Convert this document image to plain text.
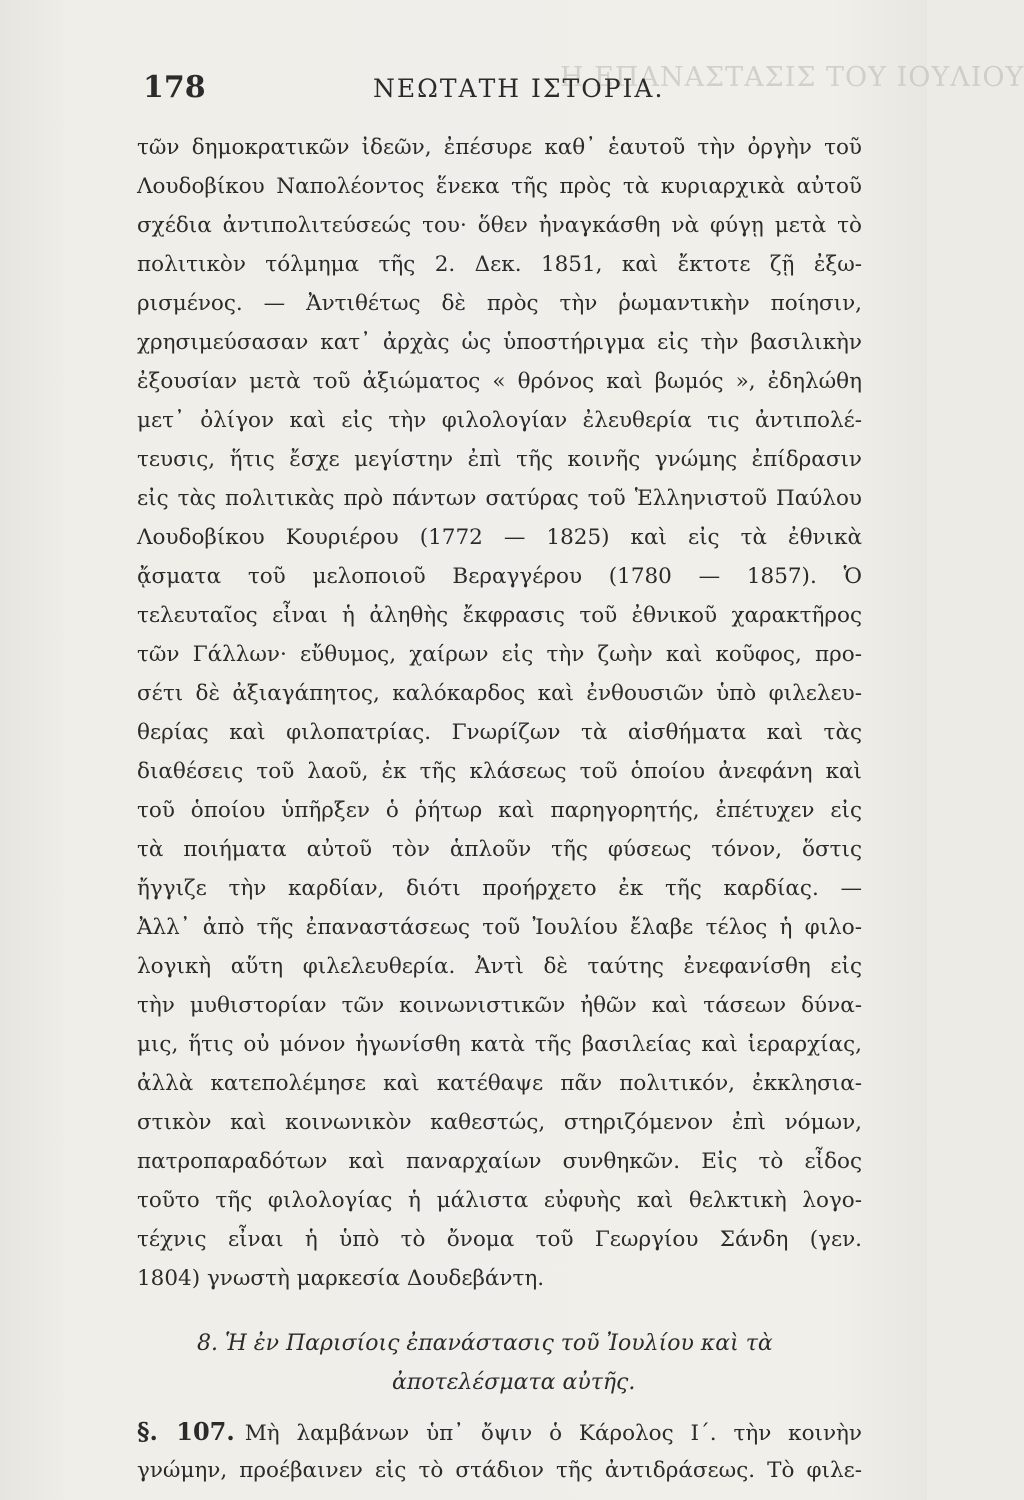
Η ΕΠΑΝΑΣΤΑΣΙΣ ΤΟΥ ΙΟΥΛΙΟΥ
178	ΝΕΩΤΑΤΗ ΙΣΤΟΡΙΑ.
τῶν δημοκρατικῶν ἰδεῶν, ἐπέσυρε καθ᾽ ἑαυτοῦ τὴν ὀργὴν τοῦ
Λουδοβίκου Ναπολέοντος ἕνεκα τῆς πρὸς τὰ κυριαρχικὰ αὐτοῦ
σχέδια ἀντιπολιτεύσεώς του· ὅθεν ἠναγκάσθη νὰ φύγῃ μετὰ τὸ
πολιτικὸν τόλμημα τῆς 2. Δεκ. 1851, καὶ ἔκτοτε ζῇ ἐξω-
ρισμένος. — Ἀντιθέτως δὲ πρὸς τὴν ῥωμαντικὴν ποίησιν,
χρησιμεύσασαν κατ᾽ ἀρχὰς ὡς ὑποστήριγμα εἰς τὴν βασιλικὴν
ἐξουσίαν μετὰ τοῦ ἀξιώματος « θρόνος καὶ βωμός », ἐδηλώθη
μετ᾽ ὀλίγον καὶ εἰς τὴν φιλολογίαν ἐλευθερία τις ἀντιπολέ-
τευσις, ἥτις ἔσχε μεγίστην ἐπὶ τῆς κοινῆς γνώμης ἐπίδρασιν
εἰς τὰς πολιτικὰς πρὸ πάντων σατύρας τοῦ Ἑλληνιστοῦ Παύλου
Λουδοβίκου Κουριέρου (1772 — 1825) καὶ εἰς τὰ ἐθνικὰ
ᾄσματα τοῦ μελοποιοῦ Βεραγγέρου (1780 — 1857). Ὁ
τελευταῖος εἶναι ἡ ἀληθὴς ἔκφρασις τοῦ ἐθνικοῦ χαρακτῆρος
τῶν Γάλλων· εὔθυμος, χαίρων εἰς τὴν ζωὴν καὶ κοῦφος, προ-
σέτι δὲ ἀξιαγάπητος, καλόκαρδος καὶ ἐνθουσιῶν ὑπὸ φιλελευ-
θερίας καὶ φιλοπατρίας. Γνωρίζων τὰ αἰσθήματα καὶ τὰς
διαθέσεις τοῦ λαοῦ, ἐκ τῆς κλάσεως τοῦ ὁποίου ἀνεφάνη καὶ
τοῦ ὁποίου ὑπῆρξεν ὁ ῥήτωρ καὶ παρηγορητής, ἐπέτυχεν εἰς
τὰ ποιήματα αὐτοῦ τὸν ἁπλοῦν τῆς φύσεως τόνον, ὅστις
ἤγγιζε τὴν καρδίαν, διότι προήρχετο ἐκ τῆς καρδίας. —
Ἀλλ᾽ ἀπὸ τῆς ἐπαναστάσεως τοῦ Ἰουλίου ἔλαβε τέλος ἡ φιλο-
λογικὴ αὕτη φιλελευθερία. Ἀντὶ δὲ ταύτης ἐνεφανίσθη εἰς
τὴν μυθιστορίαν τῶν κοινωνιστικῶν ἠθῶν καὶ τάσεων δύνα-
μις, ἥτις οὐ μόνον ἠγωνίσθη κατὰ τῆς βασιλείας καὶ ἱεραρχίας,
ἀλλὰ κατεπολέμησε καὶ κατέθαψε πᾶν πολιτικόν, ἐκκλησια-
στικὸν καὶ κοινωνικὸν καθεστώς, στηριζόμενον ἐπὶ νόμων,
πατροπαραδότων καὶ παναρχαίων συνθηκῶν. Εἰς τὸ εἶδος
τοῦτο τῆς φιλολογίας ἡ μάλιστα εὐφυὴς καὶ θελκτικὴ λογο-
τέχνις εἶναι ἡ ὑπὸ τὸ ὄνομα τοῦ Γεωργίου Σάνδη (γεν.
1804) γνωστὴ μαρκεσία Δουδεβάντη.
8. Ἡ ἐν Παρισίοις ἐπανάστασις τοῦ Ἰουλίου καὶ τὰ
ἀποτελέσματα αὐτῆς.
§. 107. Μὴ λαμβάνων ὑπ᾽ ὄψιν ὁ Κάρολος Ι΄. τὴν κοινὴν
γνώμην, προέβαινεν εἰς τὸ στάδιον τῆς ἀντιδράσεως. Τὸ φιλε-
